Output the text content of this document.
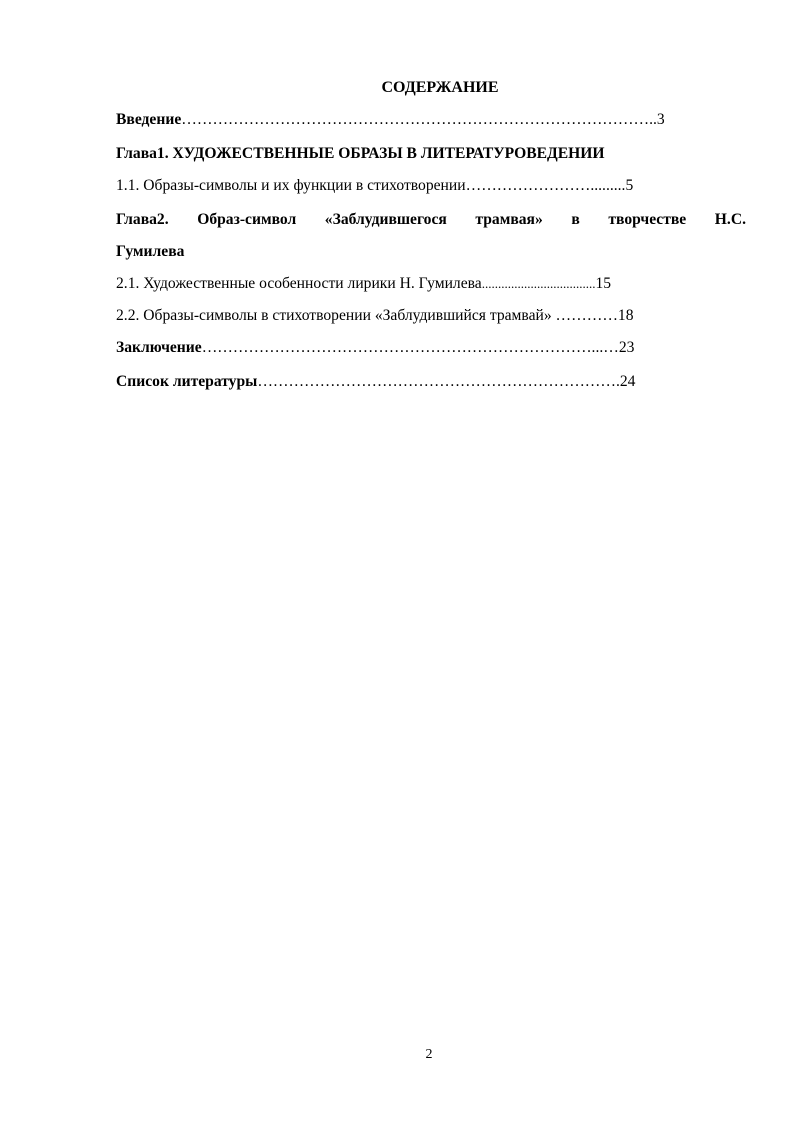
СОДЕРЖАНИЕ
Введение………………………………………………………………………………..3
Глава1. ХУДОЖЕСТВЕННЫЕ ОБРАЗЫ В ЛИТЕРАТУРОВЕДЕНИИ
1.1. Образы-символы и их функции в стихотворении…………………….........5
Глава2. Образ-символ «Заблудившегося трамвая» в творчестве Н.С.
Гумилева
2.1. Художественные особенности лирики Н. Гумилева...................................15
2.2. Образы-символы в стихотворении «Заблудившийся трамвай» …………18
Заключение…………………………………………………………………...…23
Список литературы…………………………………………………………….24
2
